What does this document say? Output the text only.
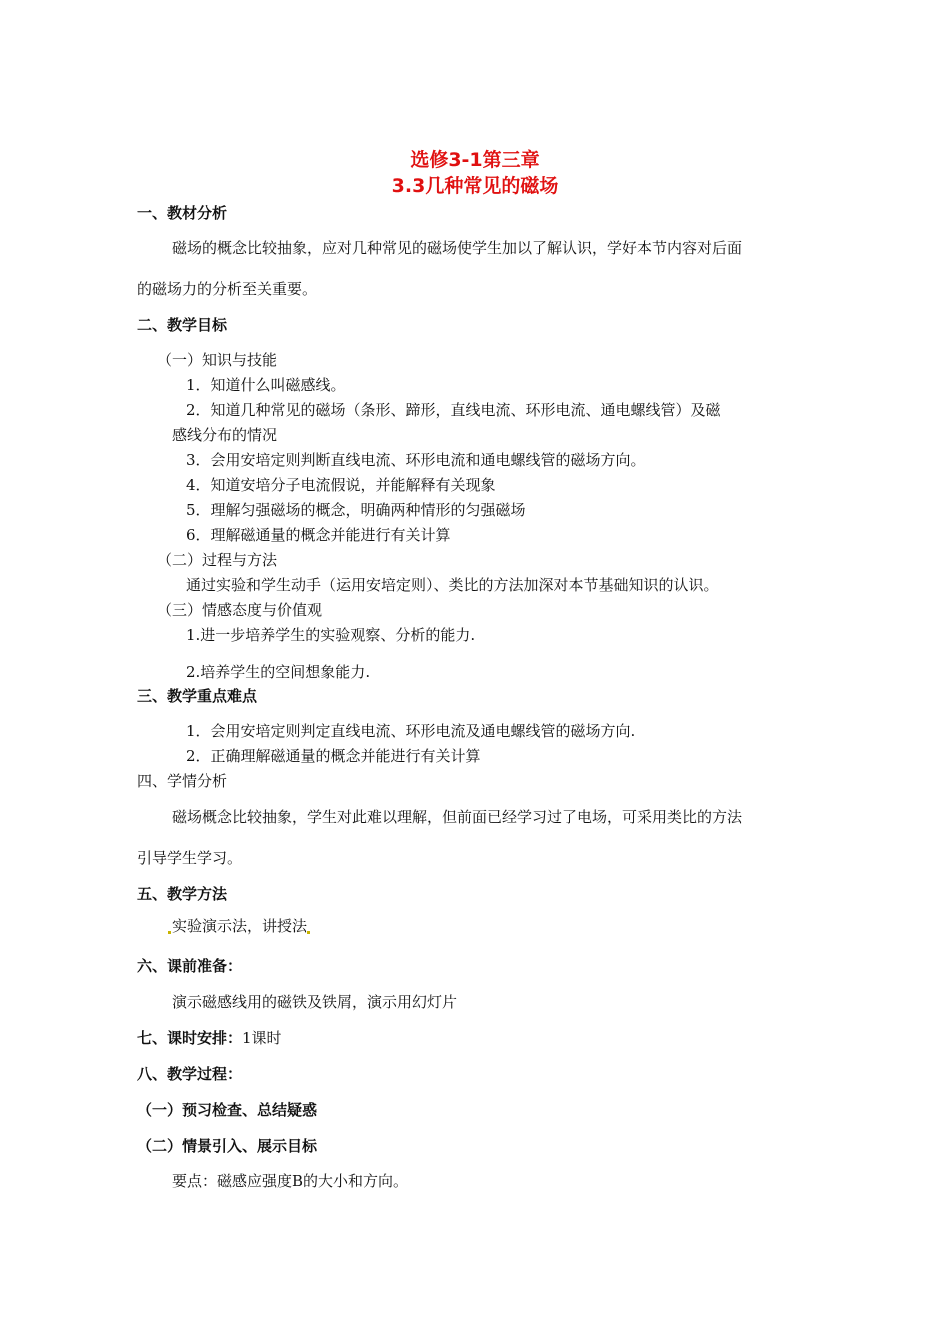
选修3-1第三章
3.3几种常见的磁场
一、教材分析
磁场的概念比较抽象，应对几种常见的磁场使学生加以了解认识，学好本节内容对后面
的磁场力的分析至关重要。
二、教学目标
（一）知识与技能
1．知道什么叫磁感线。
2．知道几种常见的磁场（条形、蹄形，直线电流、环形电流、通电螺线管）及磁
感线分布的情况
3．会用安培定则判断直线电流、环形电流和通电螺线管的磁场方向。
4．知道安培分子电流假说，并能解释有关现象
5．理解匀强磁场的概念，明确两种情形的匀强磁场
6．理解磁通量的概念并能进行有关计算
（二）过程与方法
通过实验和学生动手（运用安培定则）、类比的方法加深对本节基础知识的认识。
（三）情感态度与价值观
1.进一步培养学生的实验观察、分析的能力.
2.培养学生的空间想象能力.
三、教学重点难点
1．会用安培定则判定直线电流、环形电流及通电螺线管的磁场方向.
2．正确理解磁通量的概念并能进行有关计算
四、学情分析
磁场概念比较抽象，学生对此难以理解，但前面已经学习过了电场，可采用类比的方法
引导学生学习。
五、教学方法
实验演示法，讲授法
六、课前准备：
演示磁感线用的磁铁及铁屑，演示用幻灯片
七、课时安排：1课时
八、教学过程：
（一）预习检查、总结疑惑
（二）情景引入、展示目标
要点：磁感应强度B的大小和方向。
